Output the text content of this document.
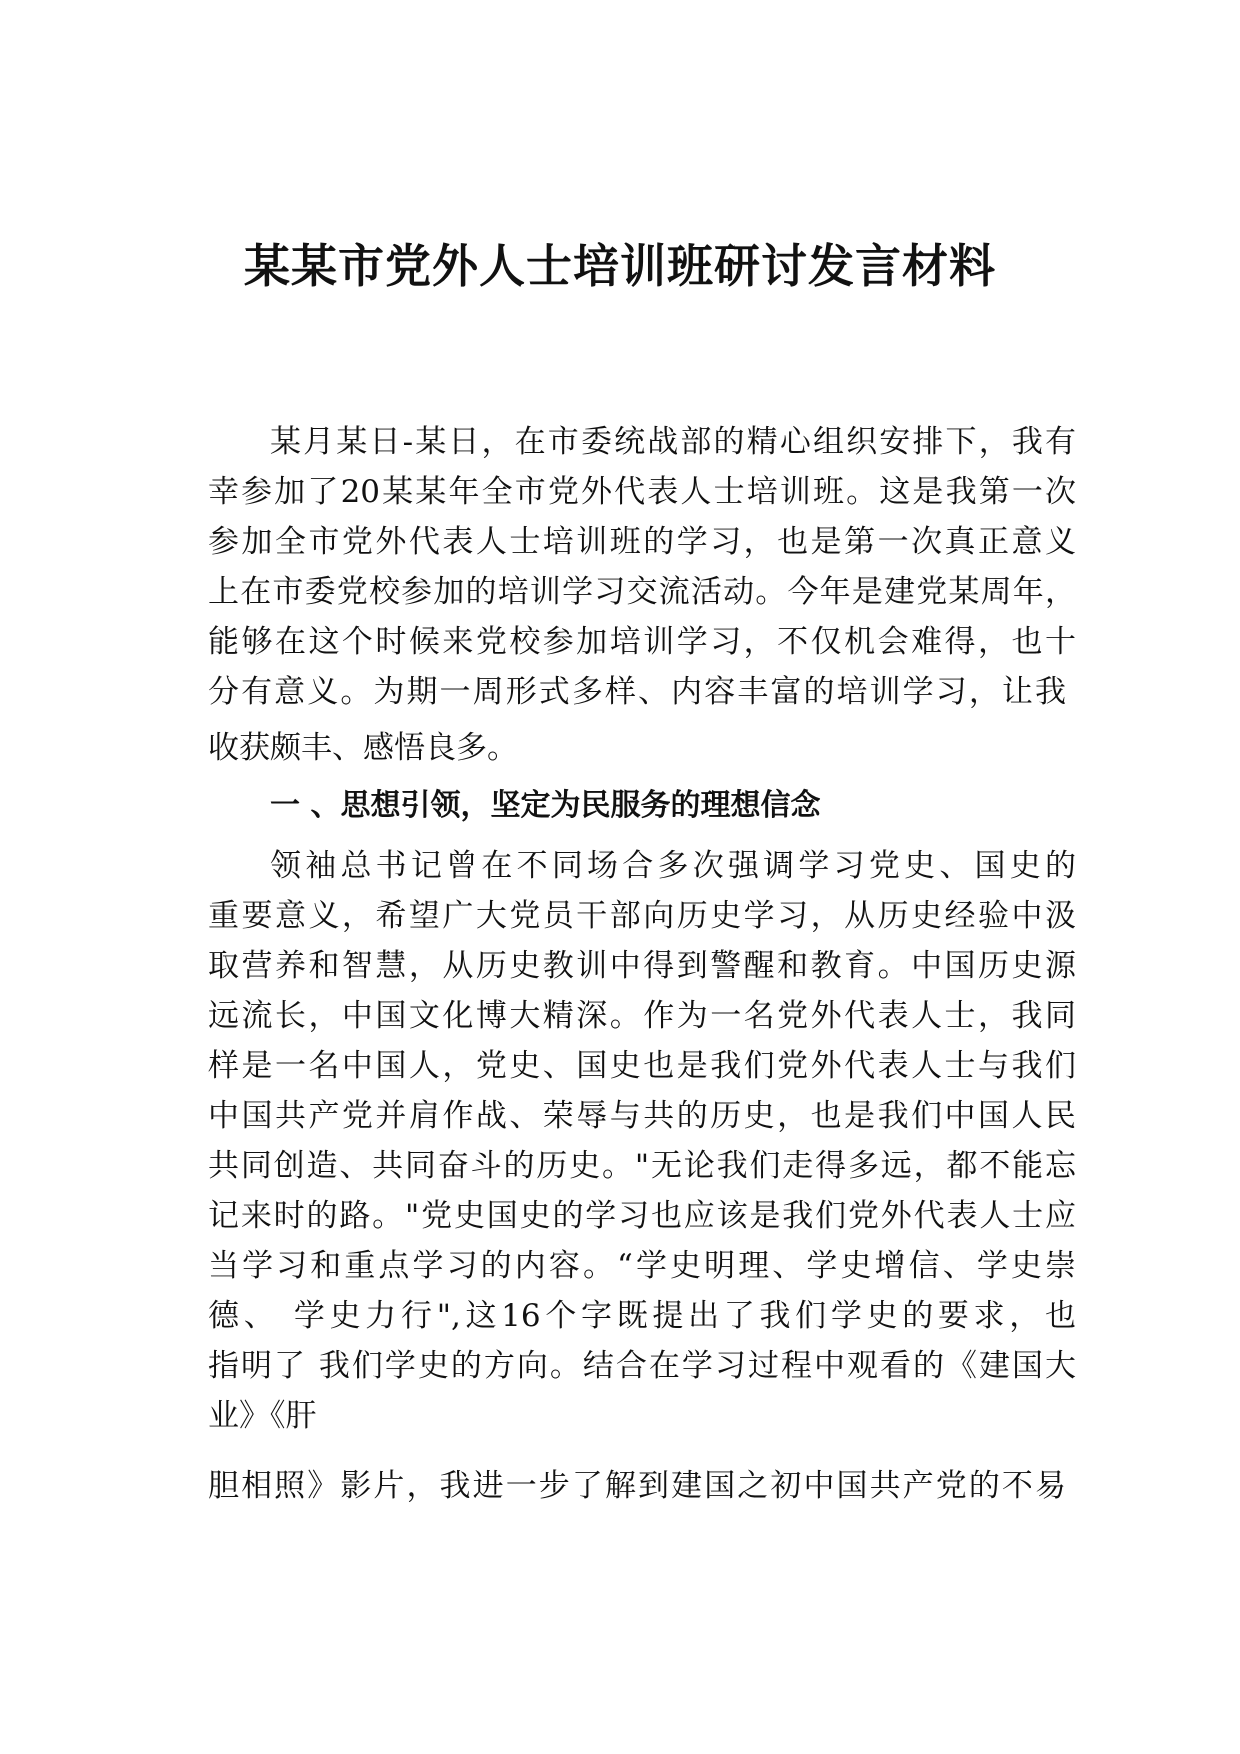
某某市党外人士培训班研讨发言材料

某月某日-某日，在市委统战部的精心组织安排下，我有

幸参加了20某某年全市党外代表人士培训班。这是我第一次

参加全市党外代表人士培训班的学习，也是第一次真正意义

上在市委党校参加的培训学习交流活动。今年是建党某周年，

能够在这个时候来党校参加培训学习，不仅机会难得，也十

分有意义。为期一周形式多样、内容丰富的培训学习，让我

收获颇丰、感悟良多。

一 、思想引领，坚定为民服务的理想信念

领袖总书记曾在不同场合多次强调学习党史、国史的

重要意义，希望广大党员干部向历史学习，从历史经验中汲

取营养和智慧，从历史教训中得到警醒和教育。中国历史源

远流长，中国文化博大精深。作为一名党外代表人士，我同

样是一名中国人，党史、国史也是我们党外代表人士与我们

中国共产党并肩作战、荣辱与共的历史，也是我们中国人民

共同创造、共同奋斗的历史。"无论我们走得多远，都不能忘

记来时的路。"党史国史的学习也应该是我们党外代表人士应

当学习和重点学习的内容。“学史明理、学史增信、学史崇

德、 学史力行",这16个字既提出了我们学史的要求，也

指明了 我们学史的方向。结合在学习过程中观看的《建国大

业》《肝

胆相照》影片，我进一步了解到建国之初中国共产党的不易
